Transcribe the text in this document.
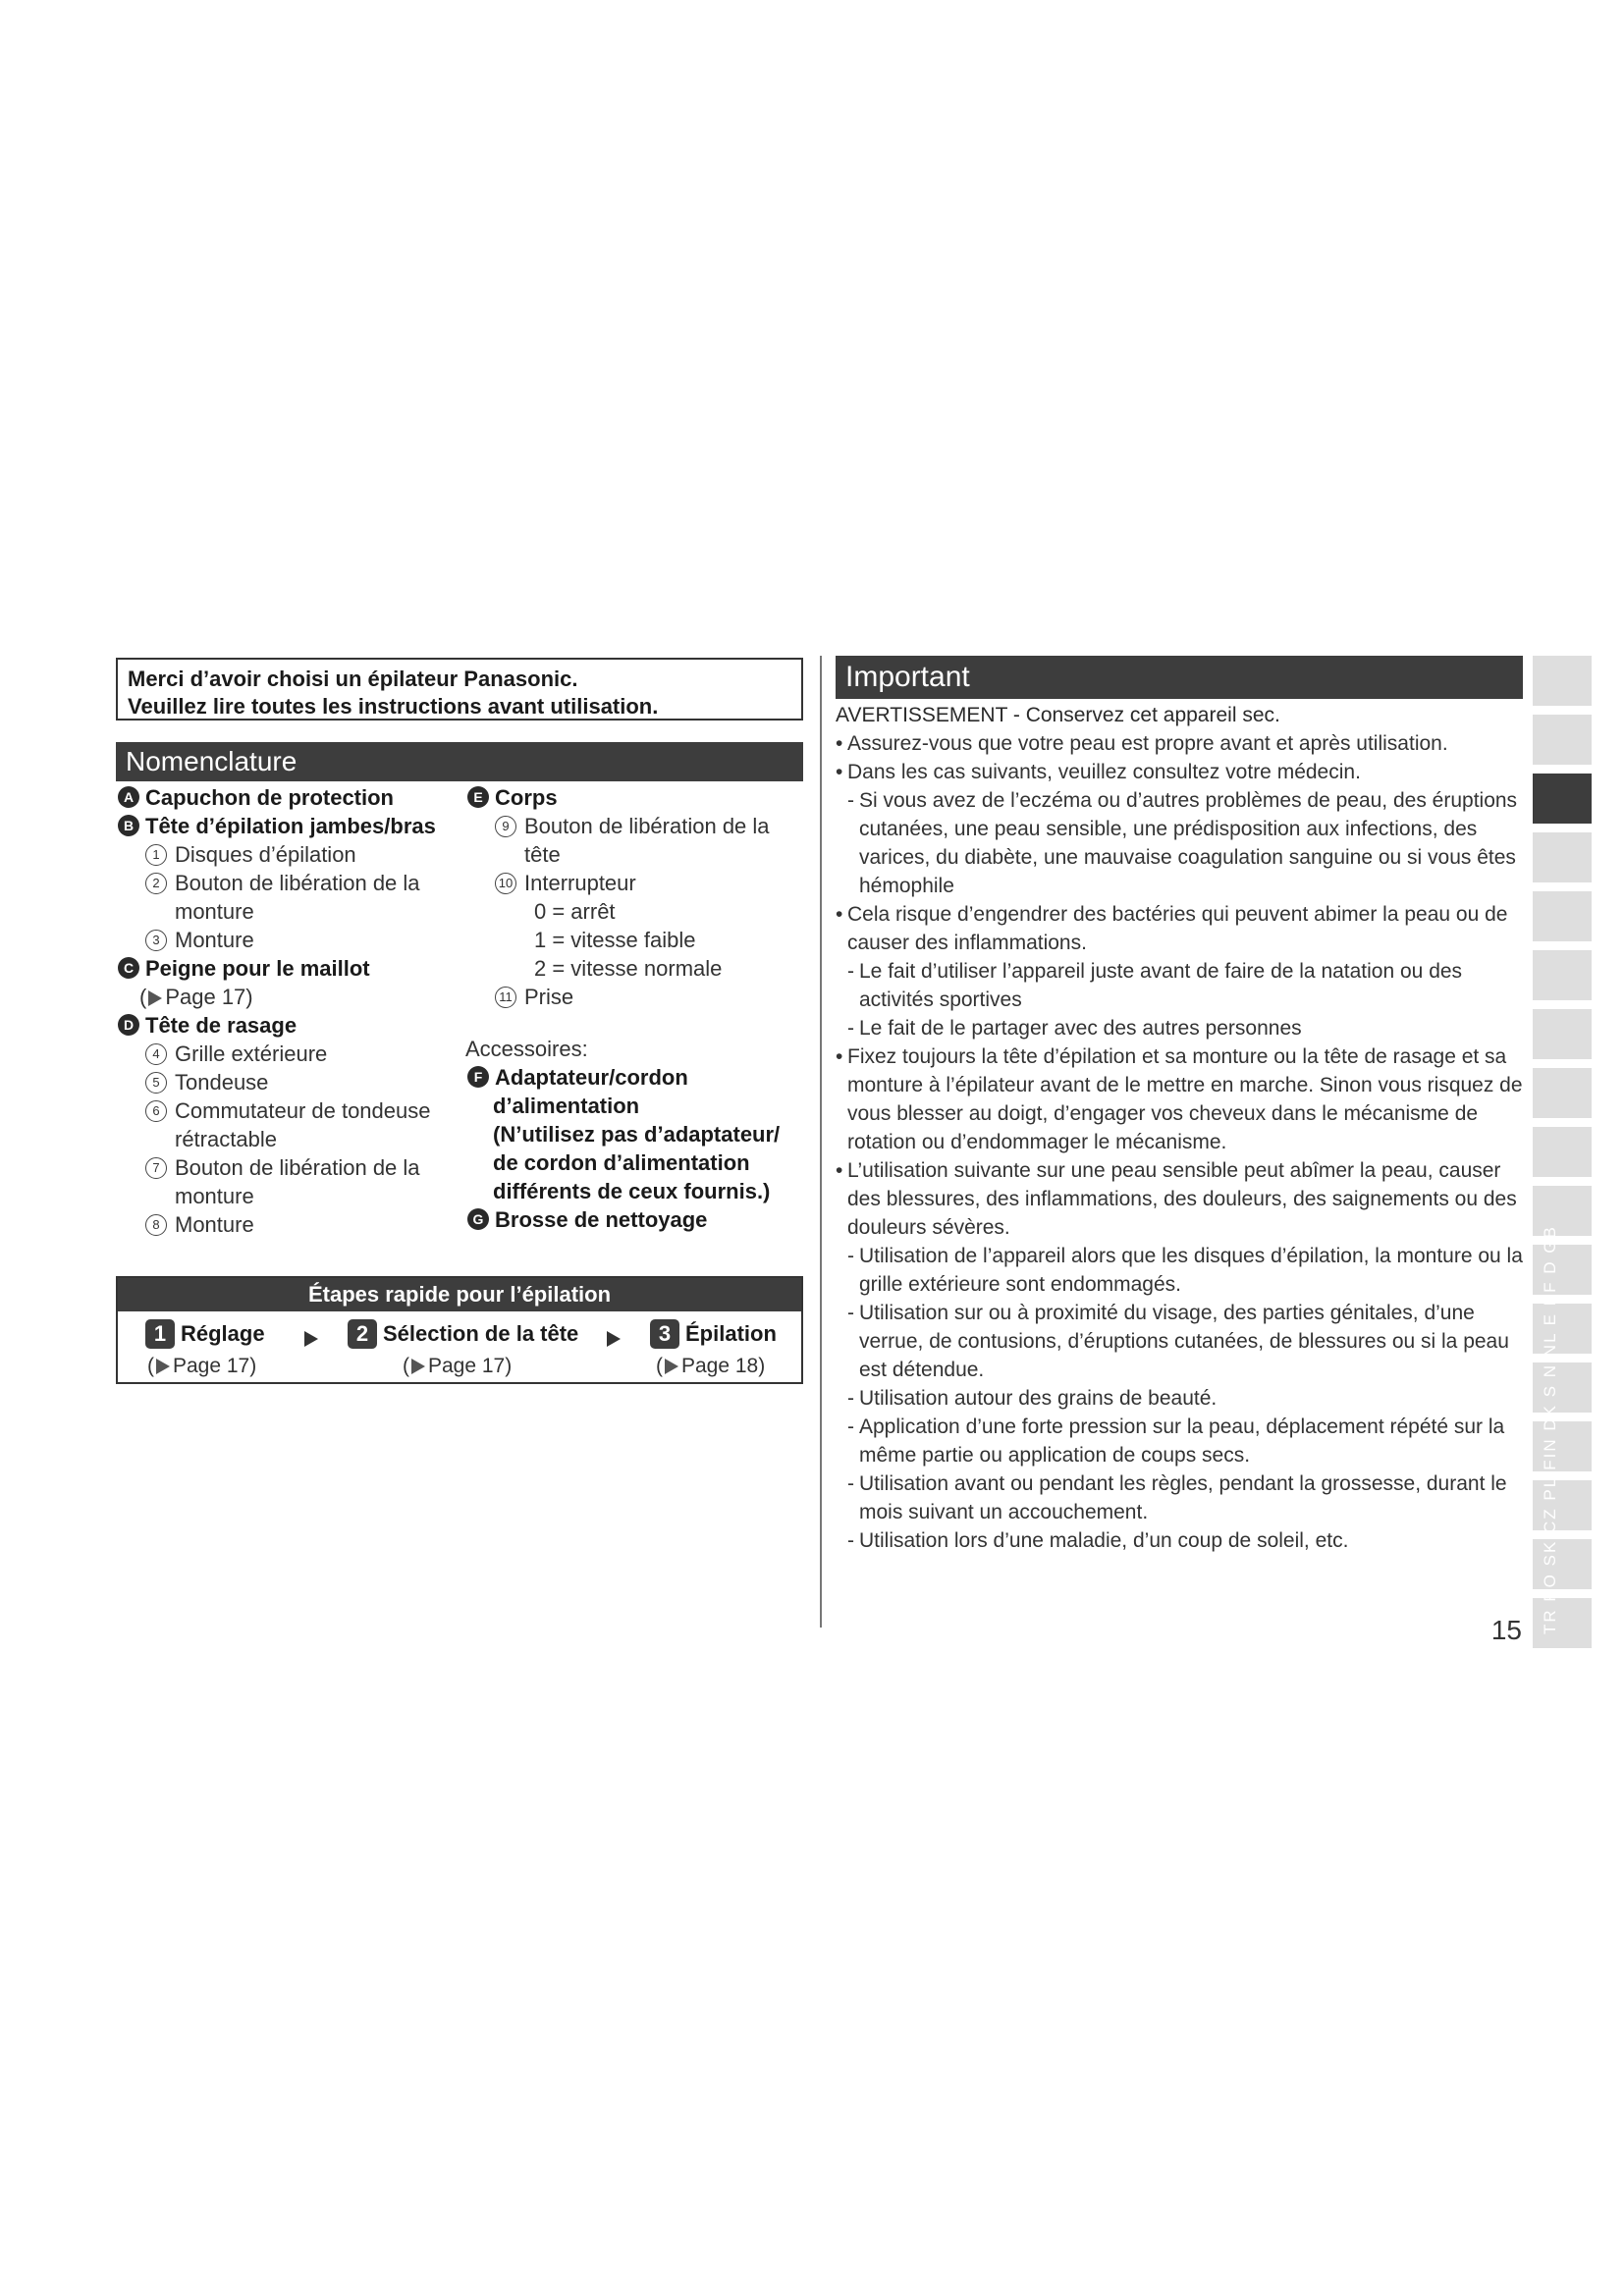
Merci d’avoir choisi un épilateur Panasonic.
Veuillez lire toutes les instructions avant utilisation.
Nomenclature
A Capuchon de protection
B Tête d’épilation jambes/bras
1 Disques d’épilation
2 Bouton de libération de la monture
3 Monture
C Peigne pour le maillot
( Page 17)
D Tête de rasage
4 Grille extérieure
5 Tondeuse
6 Commutateur de tondeuse rétractable
7 Bouton de libération de la monture
8 Monture
E Corps
9 Bouton de libération de la tête
10 Interrupteur
0 = arrêt
1 = vitesse faible
2 = vitesse normale
11 Prise
Accessoires:
F Adaptateur/cordon
d’alimentation
(N’utilisez pas d’adaptateur/
de cordon d’alimentation
différents de ceux fournis.)
G Brosse de nettoyage
Étapes rapide pour l’épilation
1 Réglage
( Page 17)
2 Sélection de la tête
( Page 17)
3 Épilation
( Page 18)
Important
AVERTISSEMENT - Conservez cet appareil sec.
• Assurez-vous que votre peau est propre avant et après utilisation.
• Dans les cas suivants, veuillez consultez votre médecin.
- Si vous avez de l’eczéma ou d’autres problèmes de peau, des éruptions cutanées, une peau sensible, une prédisposition aux infections, des varices, du diabète, une mauvaise coagulation sanguine ou si vous êtes hémophile
• Cela risque d’engendrer des bactéries qui peuvent abimer la peau ou de causer des inflammations.
- Le fait d’utiliser l’appareil juste avant de faire de la natation ou des activités sportives
- Le fait de le partager avec des autres personnes
• Fixez toujours la tête d’épilation et sa monture ou la tête de rasage et sa monture à l’épilateur avant de le mettre en marche. Sinon vous risquez de vous blesser au doigt, d’engager vos cheveux dans le mécanisme de rotation ou d’endommager le mécanisme.
• L’utilisation suivante sur une peau sensible peut abîmer la peau, causer des blessures, des inflammations, des douleurs, des saignements ou des douleurs sévères.
- Utilisation de l’appareil alors que les disques d’épilation, la monture ou la grille extérieure sont endommagés.
- Utilisation sur ou à proximité du visage, des parties génitales, d’une verrue, de contusions, d’éruptions cutanées, de blessures ou si la peau est détendue.
- Utilisation autour des grains de beauté.
- Application d’une forte pression sur la peau, déplacement répété sur la même partie ou application de coups secs.
- Utilisation avant ou pendant les règles, pendant la grossesse, durant le mois suivant un accouchement.
- Utilisation lors d’une maladie, d’un coup de soleil, etc.	TR RO SK CZ PL FIN DK S N NL E I F D GB
15
